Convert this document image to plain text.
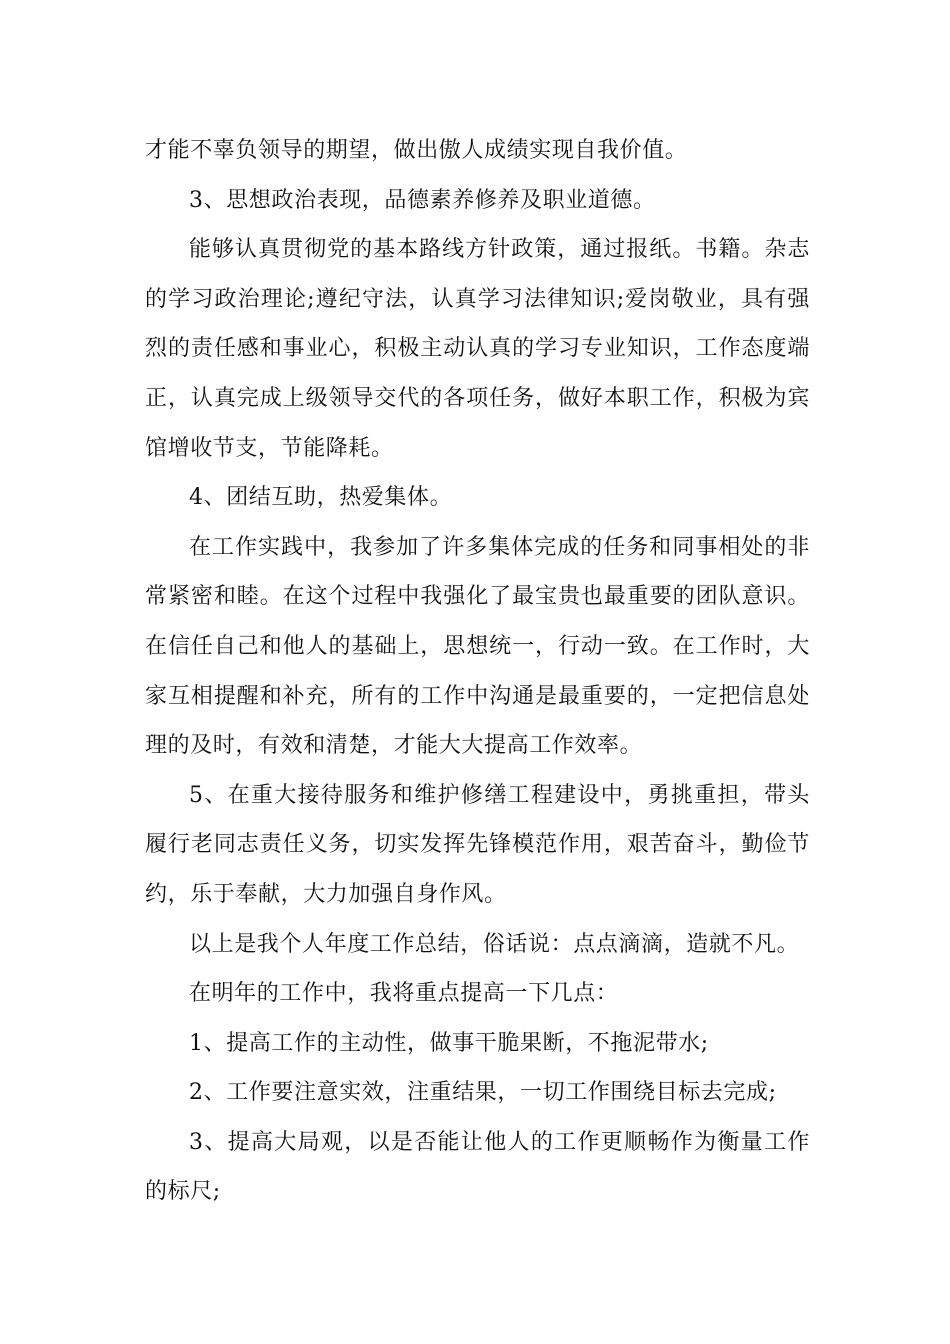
才能不辜负领导的期望，做出傲人成绩实现自我价值。

3、思想政治表现，品德素养修养及职业道德。

能够认真贯彻党的基本路线方针政策，通过报纸。书籍。杂志的学习政治理论;遵纪守法，认真学习法律知识;爱岗敬业，具有强烈的责任感和事业心，积极主动认真的学习专业知识，工作态度端正，认真完成上级领导交代的各项任务，做好本职工作，积极为宾馆增收节支，节能降耗。

4、团结互助，热爱集体。

在工作实践中，我参加了许多集体完成的任务和同事相处的非常紧密和睦。在这个过程中我强化了最宝贵也最重要的团队意识。在信任自己和他人的基础上，思想统一，行动一致。在工作时，大家互相提醒和补充，所有的工作中沟通是最重要的，一定把信息处理的及时，有效和清楚，才能大大提高工作效率。

5、在重大接待服务和维护修缮工程建设中，勇挑重担，带头履行老同志责任义务，切实发挥先锋模范作用，艰苦奋斗，勤俭节约，乐于奉献，大力加强自身作风。

以上是我个人年度工作总结，俗话说：点点滴滴，造就不凡。

在明年的工作中，我将重点提高一下几点：

1、提高工作的主动性，做事干脆果断，不拖泥带水;

2、工作要注意实效，注重结果，一切工作围绕目标去完成;

3、提高大局观，以是否能让他人的工作更顺畅作为衡量工作的标尺;
